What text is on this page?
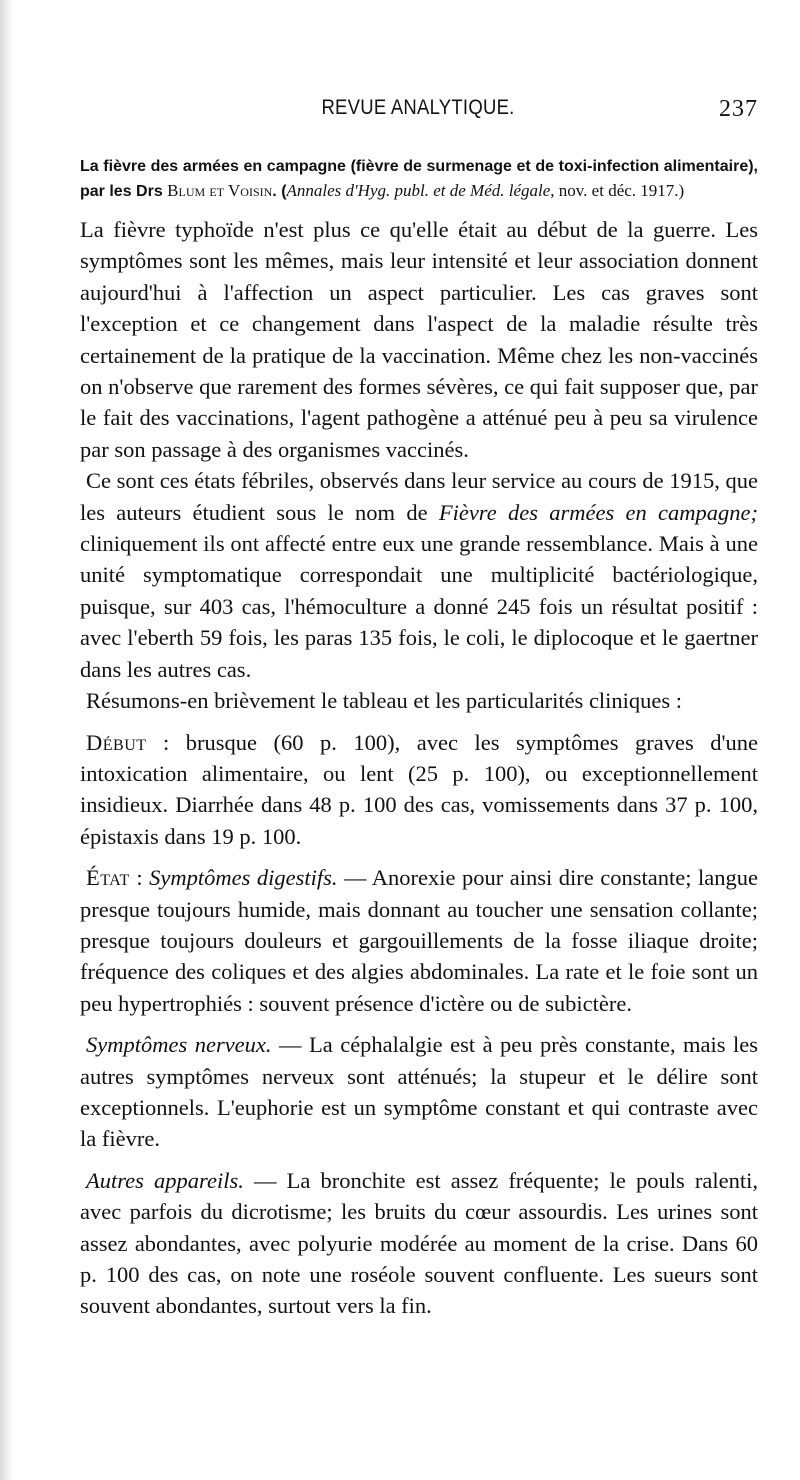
REVUE ANALYTIQUE.	237
La fièvre des armées en campagne (fièvre de surmenage et de toxi-infection alimentaire), par les Drs Blum et Voisin. (Annales d'Hyg. publ. et de Méd. légale, nov. et déc. 1917.)

La fièvre typhoïde n'est plus ce qu'elle était au début de la guerre. Les symptômes sont les mêmes, mais leur intensité et leur association donnent aujourd'hui à l'affection un aspect particulier. Les cas graves sont l'exception et ce changement dans l'aspect de la maladie résulte très certainement de la pratique de la vaccination. Même chez les non-vaccinés on n'observe que rarement des formes sévères, ce qui fait supposer que, par le fait des vaccinations, l'agent pathogène a atténué peu à peu sa virulence par son passage à des organismes vaccinés.

Ce sont ces états fébriles, observés dans leur service au cours de 1915, que les auteurs étudient sous le nom de Fièvre des armées en campagne; cliniquement ils ont affecté entre eux une grande ressemblance. Mais à une unité symptomatique correspondait une multiplicité bactériologique, puisque, sur 403 cas, l'hémoculture a donné 245 fois un résultat positif : avec l'eberth 59 fois, les paras 135 fois, le coli, le diplocoque et le gaertner dans les autres cas.

Résumons-en brièvement le tableau et les particularités cliniques :

Début : brusque (60 p. 100), avec les symptômes graves d'une intoxication alimentaire, ou lent (25 p. 100), ou exceptionnellement insidieux. Diarrhée dans 48 p. 100 des cas, vomissements dans 37 p. 100, épistaxis dans 19 p. 100.

État : Symptômes digestifs. — Anorexie pour ainsi dire constante; langue presque toujours humide, mais donnant au toucher une sensation collante; presque toujours douleurs et gargouillements de la fosse iliaque droite; fréquence des coliques et des algies abdominales. La rate et le foie sont un peu hypertrophiés : souvent présence d'ictère ou de subictère.

Symptômes nerveux. — La céphalalgie est à peu près constante, mais les autres symptômes nerveux sont atténués; la stupeur et le délire sont exceptionnels. L'euphorie est un symptôme constant et qui contraste avec la fièvre.

Autres appareils. — La bronchite est assez fréquente; le pouls ralenti, avec parfois du dicrotisme; les bruits du cœur assourdis. Les urines sont assez abondantes, avec polyurie modérée au moment de la crise. Dans 60 p. 100 des cas, on note une roséole souvent confluente. Les sueurs sont souvent abondantes, surtout vers la fin.
